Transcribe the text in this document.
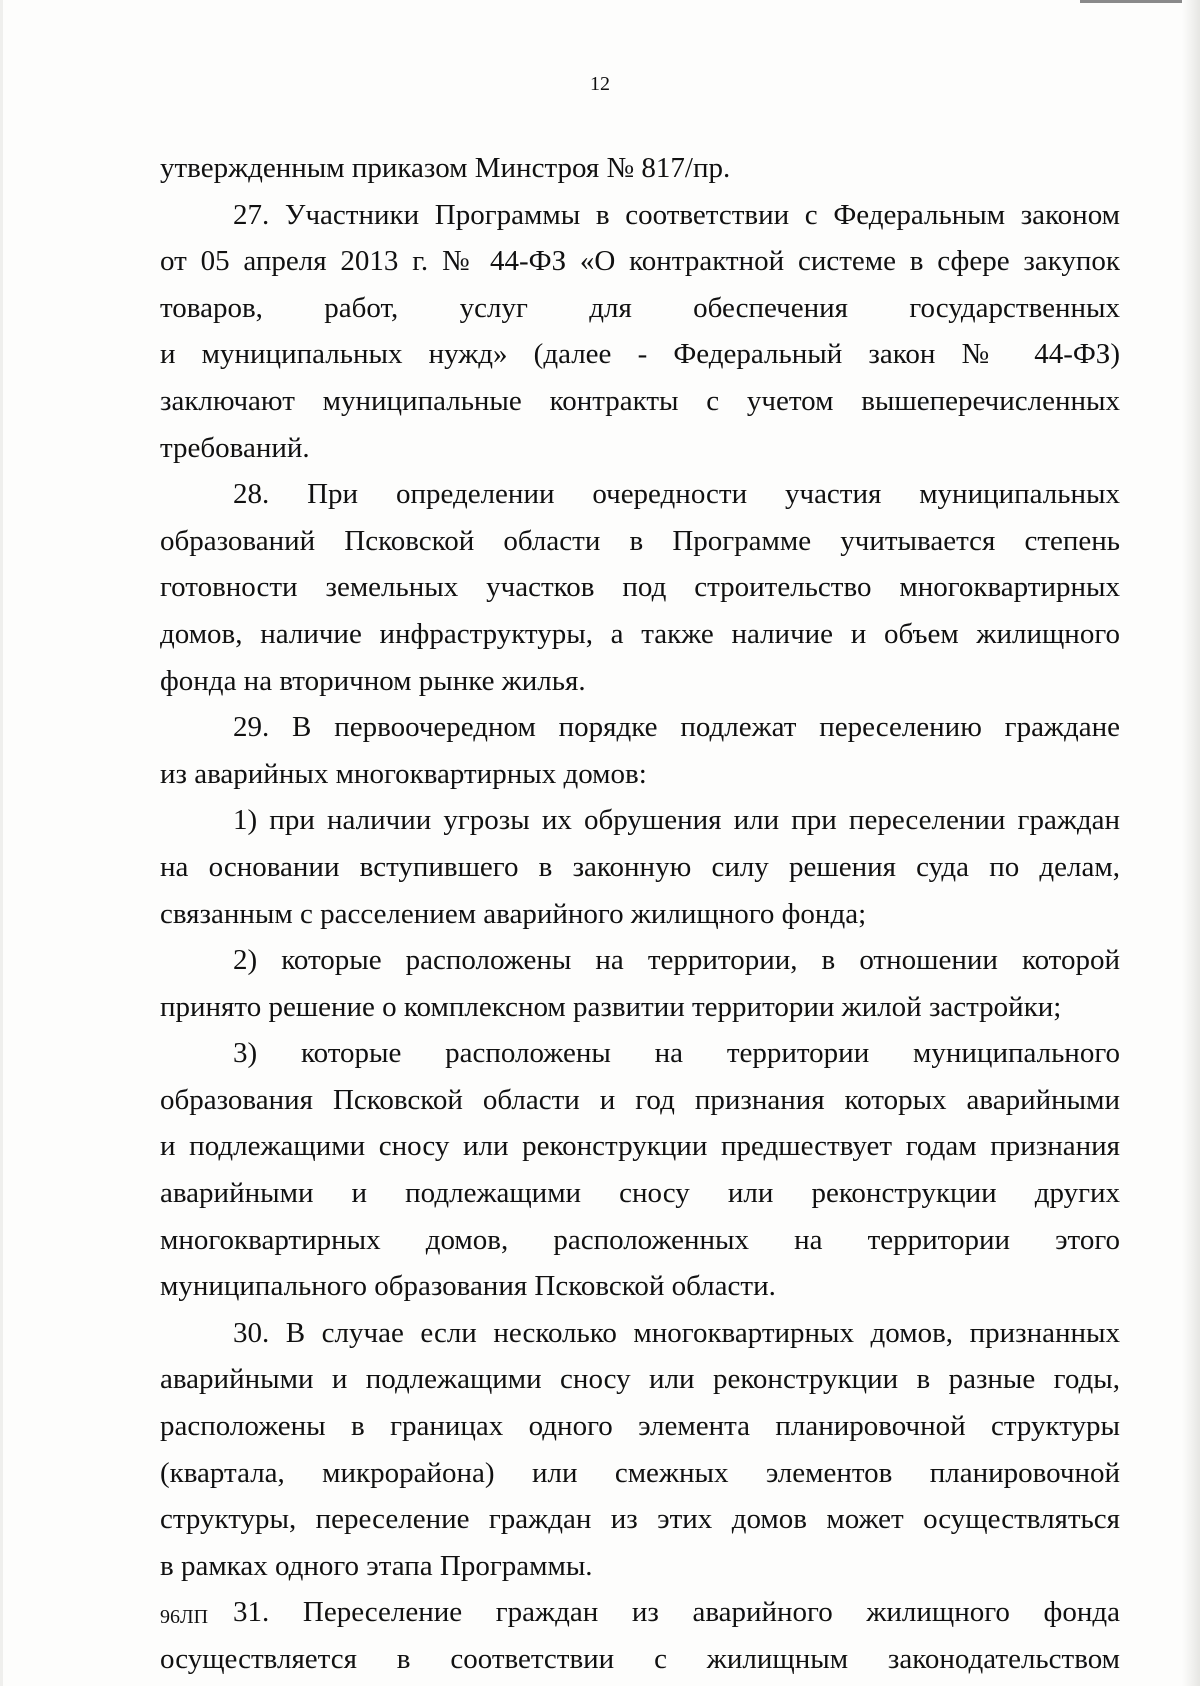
12
утвержденным приказом Минстроя № 817/пр.
27. Участники Программы в соответствии с Федеральным законом
от 05 апреля 2013 г. № 44-ФЗ «О контрактной системе в сфере закупок
товаров, работ, услуг для обеспечения государственных
и муниципальных нужд» (далее - Федеральный закон № 44-ФЗ)
заключают муниципальные контракты с учетом вышеперечисленных
требований.
28. При определении очередности участия муниципальных
образований Псковской области в Программе учитывается степень
готовности земельных участков под строительство многоквартирных
домов, наличие инфраструктуры, а также наличие и объем жилищного
фонда на вторичном рынке жилья.
29. В первоочередном порядке подлежат переселению граждане
из аварийных многоквартирных домов:
1) при наличии угрозы их обрушения или при переселении граждан
на основании вступившего в законную силу решения суда по делам,
связанным с расселением аварийного жилищного фонда;
2) которые расположены на территории, в отношении которой
принято решение о комплексном развитии территории жилой застройки;
3) которые расположены на территории муниципального
образования Псковской области и год признания которых аварийными
и подлежащими сносу или реконструкции предшествует годам признания
аварийными и подлежащими сносу или реконструкции других
многоквартирных домов, расположенных на территории этого
муниципального образования Псковской области.
30. В случае если несколько многоквартирных домов, признанных
аварийными и подлежащими сносу или реконструкции в разные годы,
расположены в границах одного элемента планировочной структуры
(квартала, микрорайона) или смежных элементов планировочной
структуры, переселение граждан из этих домов может осуществляться
в рамках одного этапа Программы.
31. Переселение граждан из аварийного жилищного фонда
осуществляется в соответствии с жилищным законодательством
96ЛП
